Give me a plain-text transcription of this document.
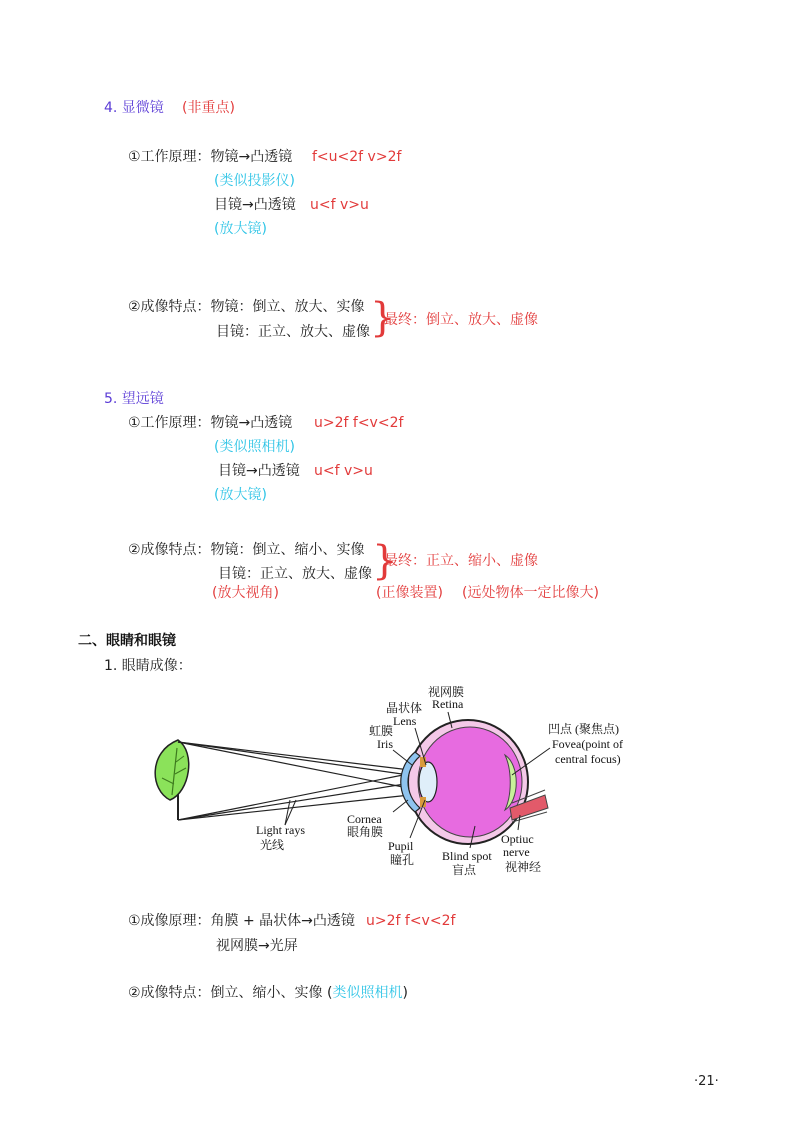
4. 显微镜 (非重点)
①工作原理：物镜→凸透镜 f<u<2f v>2f
(类似投影仪)
目镜→凸透镜 u<f v>u
(放大镜)
②成像特点：物镜：倒立、放大、实像
目镜：正立、放大、虚像 }
最终：倒立、放大、虚像
5. 望远镜
①工作原理：物镜→凸透镜 u>2f f<v<2f
(类似照相机)
目镜→凸透镜 u<f v>u
(放大镜)
②成像特点：物镜：倒立、缩小、实像
目镜：正立、放大、虚像 }
最终：正立、缩小、虚像
(放大视角)	(正像装置) (远处物体一定比像大)
二、眼睛和眼镜
1. 眼睛成像：
视网膜
Retina
晶状体
Lens
虹膜
Iris
凹点 (聚焦点)
Fovea(point of
central focus)
Cornea
眼角膜
Light rays
光线	Pupil
瞳孔 Blind spot
盲点
Optiuc
nerve
视神经
①成像原理：角膜 + 晶状体→凸透镜 u>2f f<v<2f
视网膜→光屏
②成像特点：倒立、缩小、实像 (类似照相机)
·21·
